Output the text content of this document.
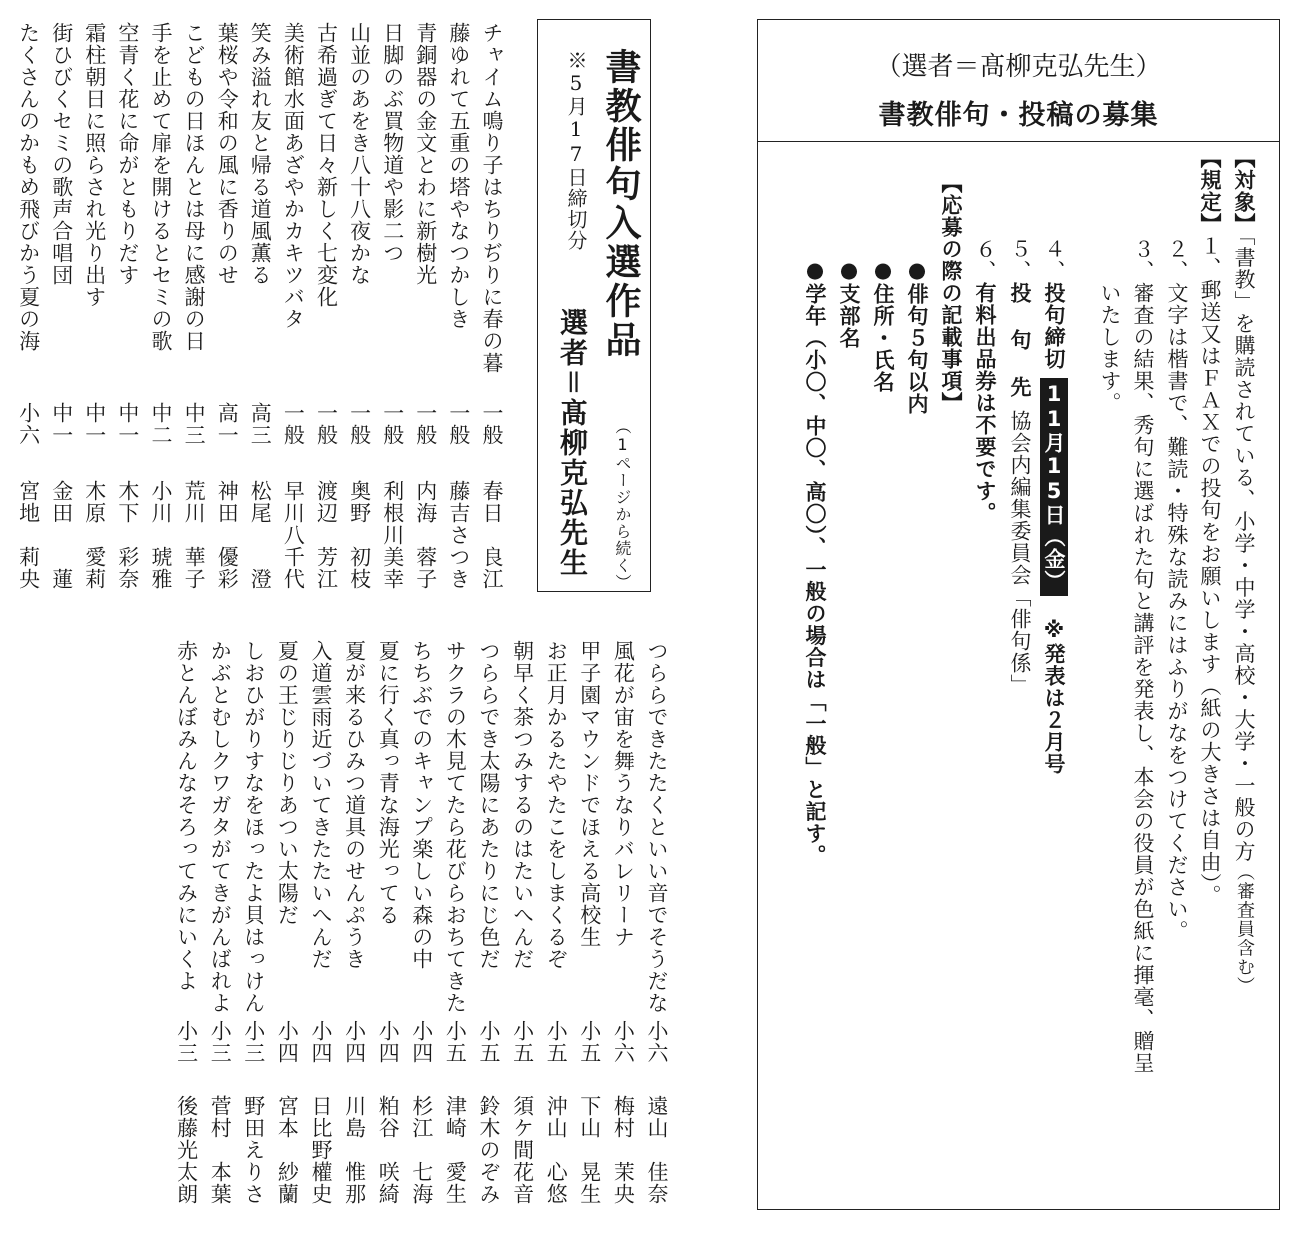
書教俳句入選作品
（1ページから続く）
※5月17日締切分
選者＝髙柳克弘先生
チャイム鳴り子はちりぢりに春の暮
一般
春日　良江
藤ゆれて五重の塔やなつかしき
一般
藤吉さつき
青銅器の金文とわに新樹光
一般
内海　蓉子
日脚のぶ買物道や影二つ
一般
利根川美幸
山並のあをき八十八夜かな
一般
奥野　初枝
古希過ぎて日々新しく七変化
一般
渡辺　芳江
美術館水面あざやかカキツバタ
一般
早川八千代
笑み溢れ友と帰る道風薫る
高三
松尾　　澄
葉桜や令和の風に香りのせ
高一
神田　優彩
こどもの日ほんとは母に感謝の日
中三
荒川　華子
手を止めて扉を開けるとセミの歌
中二
小川　琥雅
空青く花に命がともりだす
中一
木下　彩奈
霜柱朝日に照らされ光り出す
中一
木原　愛莉
街ひびくセミの歌声合唱団
中一
金田　　蓮
たくさんのかもめ飛びかう夏の海
小六
宮地　莉央
つららできたたくといい音でそうだな
小六
遠山　佳奈
風花が宙を舞うなりバレリーナ
小六
梅村　茉央
甲子園マウンドでほえる高校生
小五
下山　晃生
お正月かるたやたこをしまくるぞ
小五
沖山　心悠
朝早く茶つみするのはたいへんだ
小五
須ケ間花音
つららでき太陽にあたりにじ色だ
小五
鈴木のぞみ
サクラの木見てたら花びらおちてきた
小五
津崎　愛生
ちちぶでのキャンプ楽しい森の中
小四
杉江　七海
夏に行く真っ青な海光ってる
小四
粕谷　咲綺
夏が来るひみつ道具のせんぷうき
小四
川島　惟那
入道雲雨近づいてきたたいへんだ
小四
日比野權史
夏の王じりじりあつい太陽だ
小四
宮本　紗蘭
しおひがりすなをほったよ貝はっけん
小三
野田えりさ
かぶとむしクワガタがてきがんばれよ
小三
菅村　本葉
赤とんぼみんなそろってみにいくよ
小三
後藤光太朗
（選者＝髙柳克弘先生）
書教俳句・投稿の募集
【対象】「書教」を購読されている、小学・中学・高校・大学・一般の方（審査員含む）
【規定】１、郵送又はＦＡＸでの投句をお願いします（紙の大きさは自由）。
２、文字は楷書で、難読・特殊な読みにはふりがなをつけてください。
３、審査の結果、秀句に選ばれた句と講評を発表し、本会の役員が色紙に揮毫、贈呈
いたします。
４、投句締切11月15日（金）※発表は２月号
５、投 句 先協会内編集委員会「俳句係」
６、有料出品券は不要です。
【応募の際の記載事項】
●俳句５句以内
●住所・氏名
●支部名
●学年（小〇、中〇、高〇）、一般の場合は「一般」と記す。
